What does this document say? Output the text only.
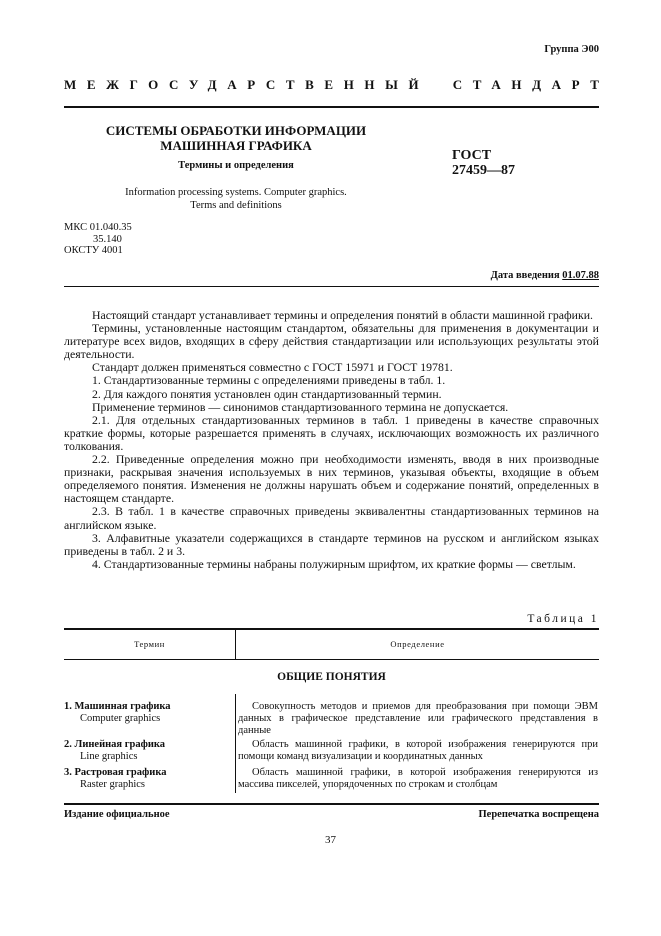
Группа Э00
МЕЖГОСУДАРСТВЕННЫЙ СТАНДАРТ
СИСТЕМЫ ОБРАБОТКИ ИНФОРМАЦИИ
МАШИННАЯ ГРАФИКА
Термины и определения
Information processing systems. Computer graphics.
Terms and definitions
ГОСТ
27459—87
МКС 01.040.35
35.140
ОКСТУ 4001
Дата введения 01.07.88

Настоящий стандарт устанавливает термины и определения понятий в области машинной графики.

Термины, установленные настоящим стандартом, обязательны для применения в документации и литературе всех видов, входящих в сферу действия стандартизации или использующих результаты этой деятельности.

Стандарт должен применяться совместно с ГОСТ 15971 и ГОСТ 19781.

1. Стандартизованные термины с определениями приведены в табл. 1.

2. Для каждого понятия установлен один стандартизованный термин.

Применение терминов — синонимов стандартизованного термина не допускается.

2.1. Для отдельных стандартизованных терминов в табл. 1 приведены в качестве справочных краткие формы, которые разрешается применять в случаях, исключающих возможность их различного толкования.

2.2. Приведенные определения можно при необходимости изменять, вводя в них производные признаки, раскрывая значения используемых в них терминов, указывая объекты, входящие в объем определяемого понятия. Изменения не должны нарушать объем и содержание понятий, определенных в настоящем стандарте.

2.3. В табл. 1 в качестве справочных приведены эквивалентны стандартизованных терминов на английском языке.

3. Алфавитные указатели содержащихся в стандарте терминов на русском и английском языках приведены в табл. 2 и 3.

4. Стандартизованные термины набраны полужирным шрифтом, их краткие формы — светлым.

Таблица 1
Термин	Определение
ОБЩИЕ ПОНЯТИЯ
1. Машинная графика
Computer graphics
Совокупность методов и приемов для преобразования при помощи ЭВМ данных в графическое представление или графического представления в данные
2. Линейная графика
Line graphics
Область машинной графики, в которой изображения генерируются при помощи команд визуализации и координатных данных
3. Растровая графика
Raster graphics
Область машинной графики, в которой изображения генерируются из массива пикселей, упорядоченных по строкам и столбцам
Издание официальное	Перепечатка воспрещена
37
